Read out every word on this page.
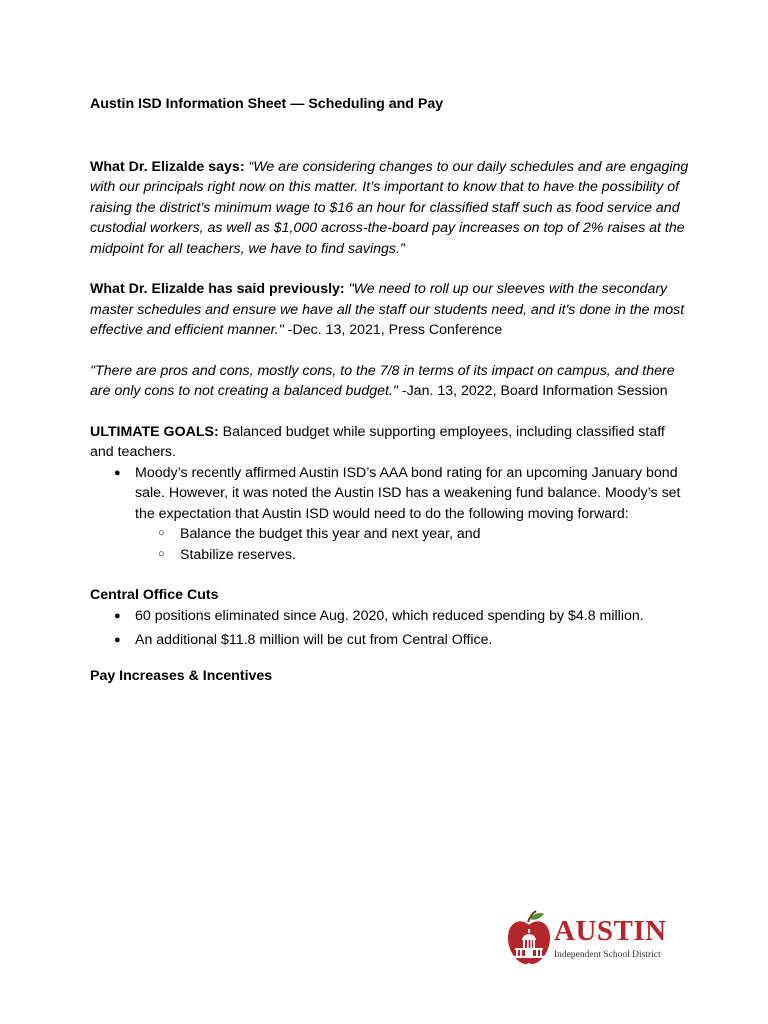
Austin ISD Information Sheet — Scheduling and Pay

What Dr. Elizalde says: “We are considering changes to our daily schedules and are engaging with our principals right now on this matter. It’s important to know that to have the possibility of raising the district’s minimum wage to $16 an hour for classified staff such as food service and custodial workers, as well as $1,000 across-the-board pay increases on top of 2% raises at the midpoint for all teachers, we have to find savings.”

What Dr. Elizalde has said previously: "We need to roll up our sleeves with the secondary master schedules and ensure we have all the staff our students need, and it's done in the most effective and efficient manner." -Dec. 13, 2021, Press Conference

"There are pros and cons, mostly cons, to the 7/8 in terms of its impact on campus, and there are only cons to not creating a balanced budget." -Jan. 13, 2022, Board Information Session

ULTIMATE GOALS: Balanced budget while supporting employees, including classified staff and teachers.

● Moody’s recently affirmed Austin ISD’s AAA bond rating for an upcoming January bond sale. However, it was noted the Austin ISD has a weakening fund balance. Moody’s set the expectation that Austin ISD would need to do the following moving forward:
○ Balance the budget this year and next year, and
○ Stabilize reserves.

Central Office Cuts

● 60 positions eliminated since Aug. 2020, which reduced spending by $4.8 million.
● An additional $11.8 million will be cut from Central Office.

Pay Increases & Incentives

AUSTIN
Independent School District
